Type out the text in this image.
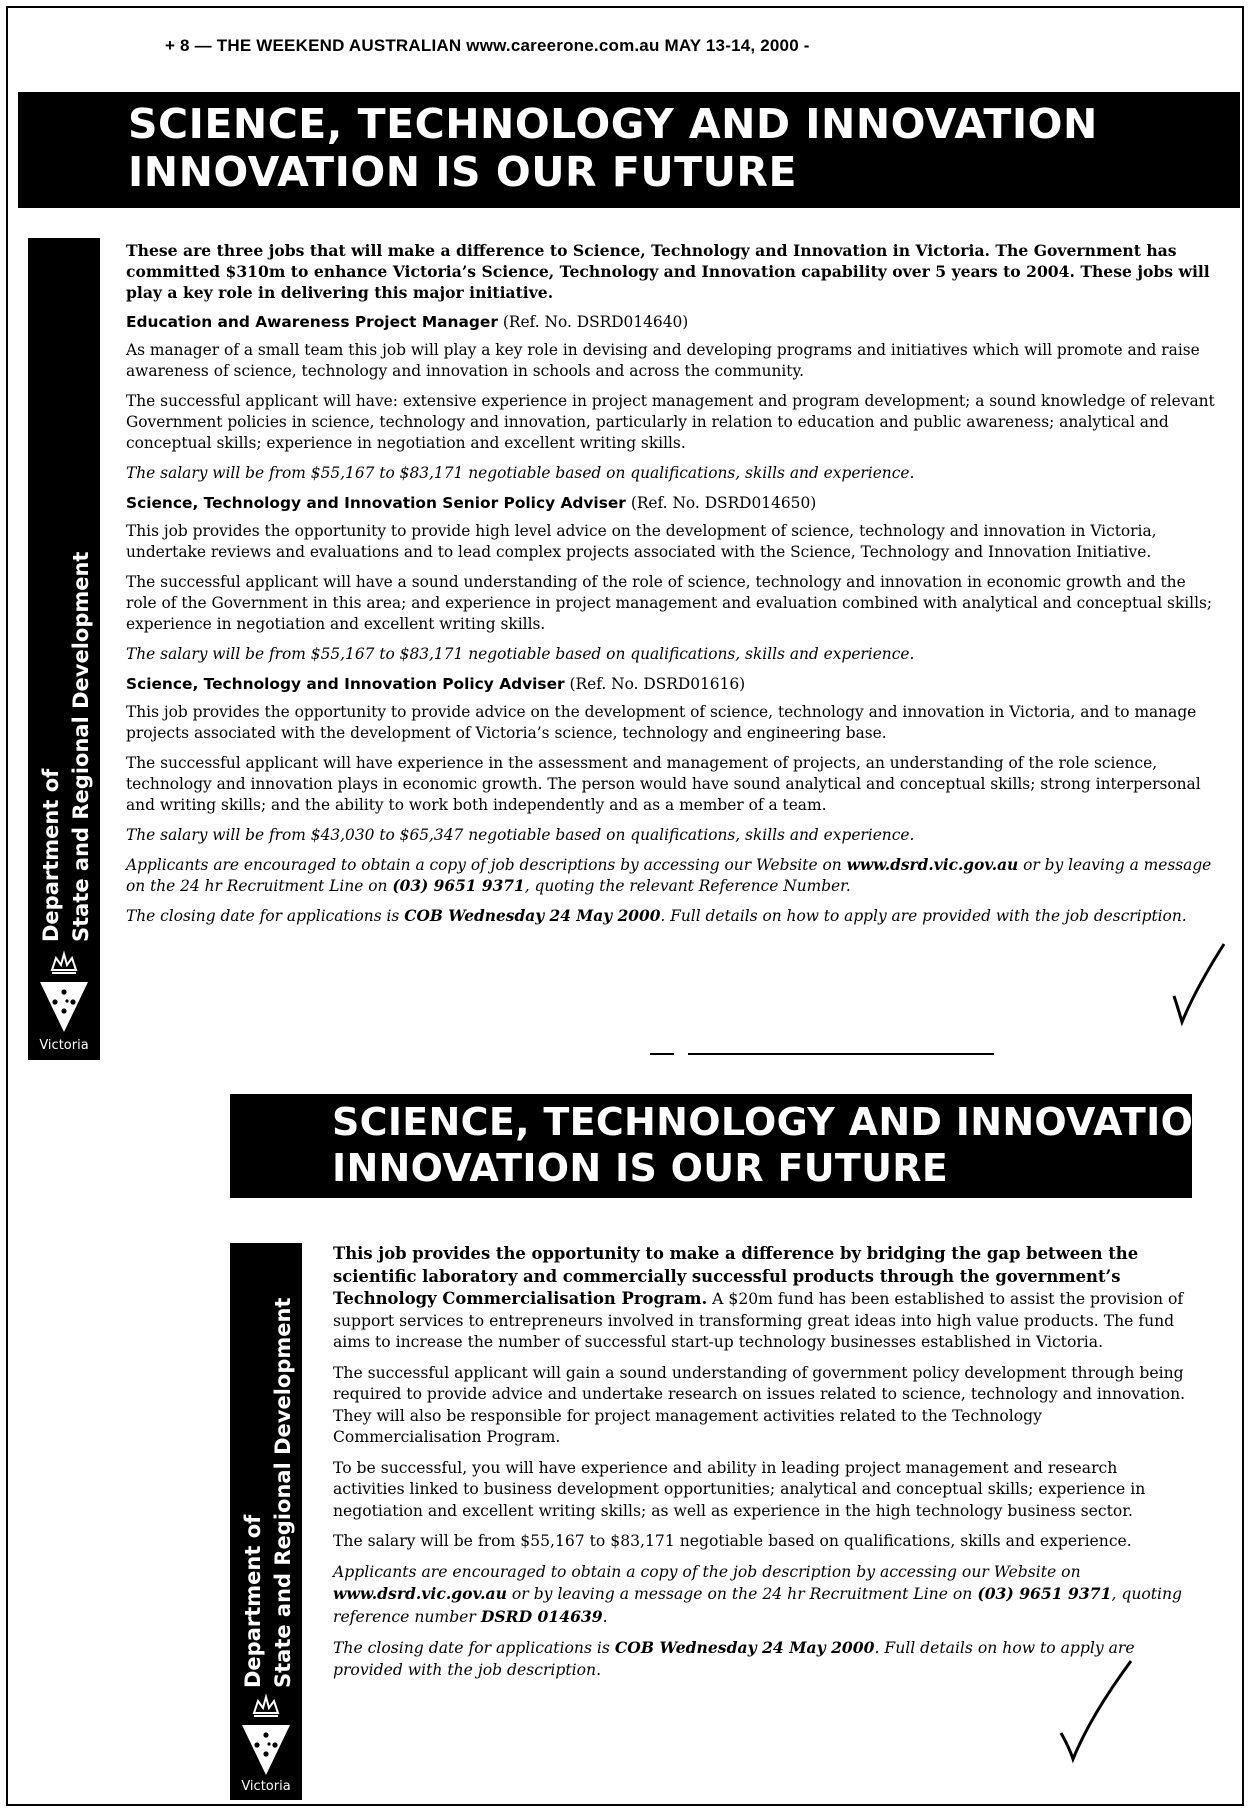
+ 8 — THE WEEKEND AUSTRALIAN www.careerone.com.au MAY 13-14, 2000 -
SCIENCE, TECHNOLOGY AND INNOVATION
INNOVATION IS OUR FUTURE
Department of State and Regional Development
Victoria

These are three jobs that will make a difference to Science, Technology and Innovation in Victoria. The Government has committed $310m to enhance Victoria’s Science, Technology and Innovation capability over 5 years to 2004. These jobs will play a key role in delivering this major initiative.

Education and Awareness Project Manager (Ref. No. DSRD014640)

As manager of a small team this job will play a key role in devising and developing programs and initiatives which will promote and raise awareness of science, technology and innovation in schools and across the community.

The successful applicant will have: extensive experience in project management and program development; a sound knowledge of relevant Government policies in science, technology and innovation, particularly in relation to education and public awareness; analytical and conceptual skills; experience in negotiation and excellent writing skills.

The salary will be from $55,167 to $83,171 negotiable based on qualifications, skills and experience.

Science, Technology and Innovation Senior Policy Adviser (Ref. No. DSRD014650)

This job provides the opportunity to provide high level advice on the development of science, technology and innovation in Victoria, undertake reviews and evaluations and to lead complex projects associated with the Science, Technology and Innovation Initiative.

The successful applicant will have a sound understanding of the role of science, technology and innovation in economic growth and the role of the Government in this area; and experience in project management and evaluation combined with analytical and conceptual skills; experience in negotiation and excellent writing skills.

The salary will be from $55,167 to $83,171 negotiable based on qualifications, skills and experience.

Science, Technology and Innovation Policy Adviser (Ref. No. DSRD01616)

This job provides the opportunity to provide advice on the development of science, technology and innovation in Victoria, and to manage projects associated with the development of Victoria’s science, technology and engineering base.

The successful applicant will have experience in the assessment and management of projects, an understanding of the role science, technology and innovation plays in economic growth. The person would have sound analytical and conceptual skills; strong interpersonal and writing skills; and the ability to work both independently and as a member of a team.

The salary will be from $43,030 to $65,347 negotiable based on qualifications, skills and experience.

Applicants are encouraged to obtain a copy of job descriptions by accessing our Website on www.dsrd.vic.gov.au or by leaving a message on the 24 hr Recruitment Line on (03) 9651 9371, quoting the relevant Reference Number.

The closing date for applications is COB Wednesday 24 May 2000. Full details on how to apply are provided with the job description.

SCIENCE, TECHNOLOGY AND INNOVATION
INNOVATION IS OUR FUTURE
Department of State and Regional Development
Victoria

This job provides the opportunity to make a difference by bridging the gap between the scientific laboratory and commercially successful products through the government’s Technology Commercialisation Program. A $20m fund has been established to assist the provision of support services to entrepreneurs involved in transforming great ideas into high value products. The fund aims to increase the number of successful start-up technology businesses established in Victoria.

The successful applicant will gain a sound understanding of government policy development through being required to provide advice and undertake research on issues related to science, technology and innovation. They will also be responsible for project management activities related to the Technology Commercialisation Program.

To be successful, you will have experience and ability in leading project management and research activities linked to business development opportunities; analytical and conceptual skills; experience in negotiation and excellent writing skills; as well as experience in the high technology business sector.

The salary will be from $55,167 to $83,171 negotiable based on qualifications, skills and experience.

Applicants are encouraged to obtain a copy of the job description by accessing our Website on www.dsrd.vic.gov.au or by leaving a message on the 24 hr Recruitment Line on (03) 9651 9371, quoting reference number DSRD 014639.

The closing date for applications is COB Wednesday 24 May 2000. Full details on how to apply are provided with the job description.
